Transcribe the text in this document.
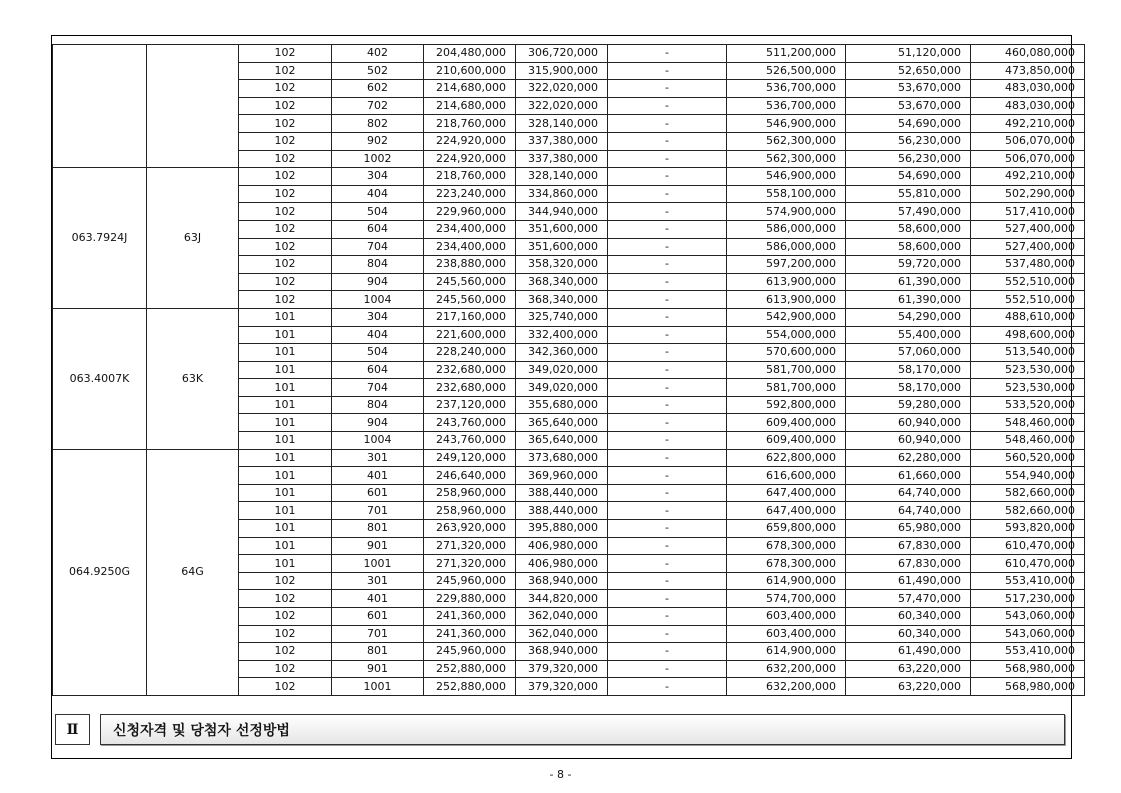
		102	402	204,480,000	306,720,000	-	511,200,000	51,120,000	460,080,000
		102	502	210,600,000	315,900,000	-	526,500,000	52,650,000	473,850,000
		102	602	214,680,000	322,020,000	-	536,700,000	53,670,000	483,030,000
		102	702	214,680,000	322,020,000	-	536,700,000	53,670,000	483,030,000
		102	802	218,760,000	328,140,000	-	546,900,000	54,690,000	492,210,000
		102	902	224,920,000	337,380,000	-	562,300,000	56,230,000	506,070,000
		102	1002	224,920,000	337,380,000	-	562,300,000	56,230,000	506,070,000
063.7924J	63J	102	304	218,760,000	328,140,000	-	546,900,000	54,690,000	492,210,000
		102	404	223,240,000	334,860,000	-	558,100,000	55,810,000	502,290,000
		102	504	229,960,000	344,940,000	-	574,900,000	57,490,000	517,410,000
		102	604	234,400,000	351,600,000	-	586,000,000	58,600,000	527,400,000
		102	704	234,400,000	351,600,000	-	586,000,000	58,600,000	527,400,000
		102	804	238,880,000	358,320,000	-	597,200,000	59,720,000	537,480,000
		102	904	245,560,000	368,340,000	-	613,900,000	61,390,000	552,510,000
		102	1004	245,560,000	368,340,000	-	613,900,000	61,390,000	552,510,000
063.4007K	63K	101	304	217,160,000	325,740,000	-	542,900,000	54,290,000	488,610,000
		101	404	221,600,000	332,400,000	-	554,000,000	55,400,000	498,600,000
		101	504	228,240,000	342,360,000	-	570,600,000	57,060,000	513,540,000
		101	604	232,680,000	349,020,000	-	581,700,000	58,170,000	523,530,000
		101	704	232,680,000	349,020,000	-	581,700,000	58,170,000	523,530,000
		101	804	237,120,000	355,680,000	-	592,800,000	59,280,000	533,520,000
		101	904	243,760,000	365,640,000	-	609,400,000	60,940,000	548,460,000
		101	1004	243,760,000	365,640,000	-	609,400,000	60,940,000	548,460,000
064.9250G	64G	101	301	249,120,000	373,680,000	-	622,800,000	62,280,000	560,520,000
		101	401	246,640,000	369,960,000	-	616,600,000	61,660,000	554,940,000
		101	601	258,960,000	388,440,000	-	647,400,000	64,740,000	582,660,000
		101	701	258,960,000	388,440,000	-	647,400,000	64,740,000	582,660,000
		101	801	263,920,000	395,880,000	-	659,800,000	65,980,000	593,820,000
		101	901	271,320,000	406,980,000	-	678,300,000	67,830,000	610,470,000
		101	1001	271,320,000	406,980,000	-	678,300,000	67,830,000	610,470,000
		102	301	245,960,000	368,940,000	-	614,900,000	61,490,000	553,410,000
		102	401	229,880,000	344,820,000	-	574,700,000	57,470,000	517,230,000
		102	601	241,360,000	362,040,000	-	603,400,000	60,340,000	543,060,000
		102	701	241,360,000	362,040,000	-	603,400,000	60,340,000	543,060,000
		102	801	245,960,000	368,940,000	-	614,900,000	61,490,000	553,410,000
		102	901	252,880,000	379,320,000	-	632,200,000	63,220,000	568,980,000
		102	1001	252,880,000	379,320,000	-	632,200,000	63,220,000	568,980,000
Ⅱ	신청자격 및 당첨자 선정방법
- 8 -
